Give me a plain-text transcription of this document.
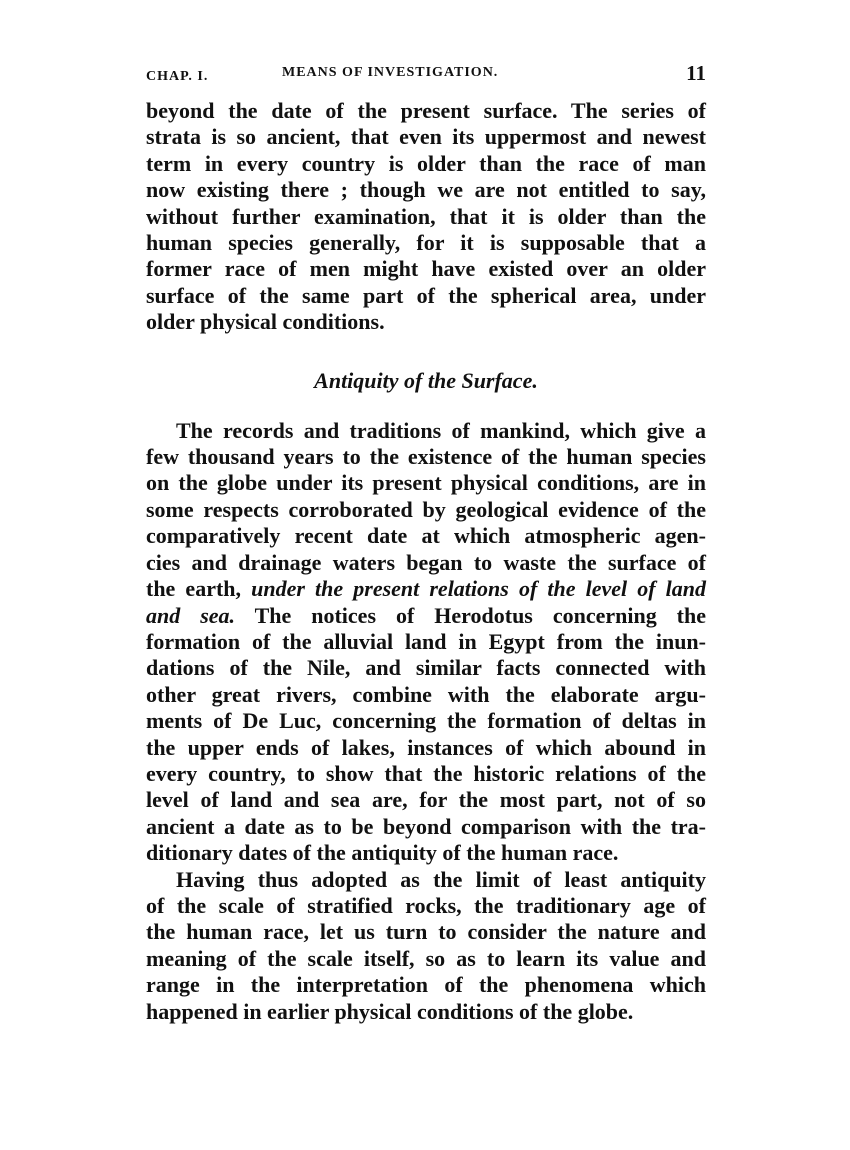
CHAP. I.	MEANS OF INVESTIGATION.	11

beyond the date of the present surface. The series of

strata is so ancient, that even its uppermost and newest

term in every country is older than the race of man

now existing there ; though we are not entitled to say,

without further examination, that it is older than the

human species generally, for it is supposable that a

former race of men might have existed over an older

surface of the same part of the spherical area, under

older physical conditions.

Antiquity of the Surface.

The records and traditions of mankind, which give a

few thousand years to the existence of the human species

on the globe under its present physical conditions, are in

some respects corroborated by geological evidence of the

comparatively recent date at which atmospheric agen-

cies and drainage waters began to waste the surface of

the earth, under the present relations of the level of land

and sea. The notices of Herodotus concerning the

formation of the alluvial land in Egypt from the inun-

dations of the Nile, and similar facts connected with

other great rivers, combine with the elaborate argu-

ments of De Luc, concerning the formation of deltas in

the upper ends of lakes, instances of which abound in

every country, to show that the historic relations of the

level of land and sea are, for the most part, not of so

ancient a date as to be beyond comparison with the tra-

ditionary dates of the antiquity of the human race.

Having thus adopted as the limit of least antiquity

of the scale of stratified rocks, the traditionary age of

the human race, let us turn to consider the nature and

meaning of the scale itself, so as to learn its value and

range in the interpretation of the phenomena which

happened in earlier physical conditions of the globe.
